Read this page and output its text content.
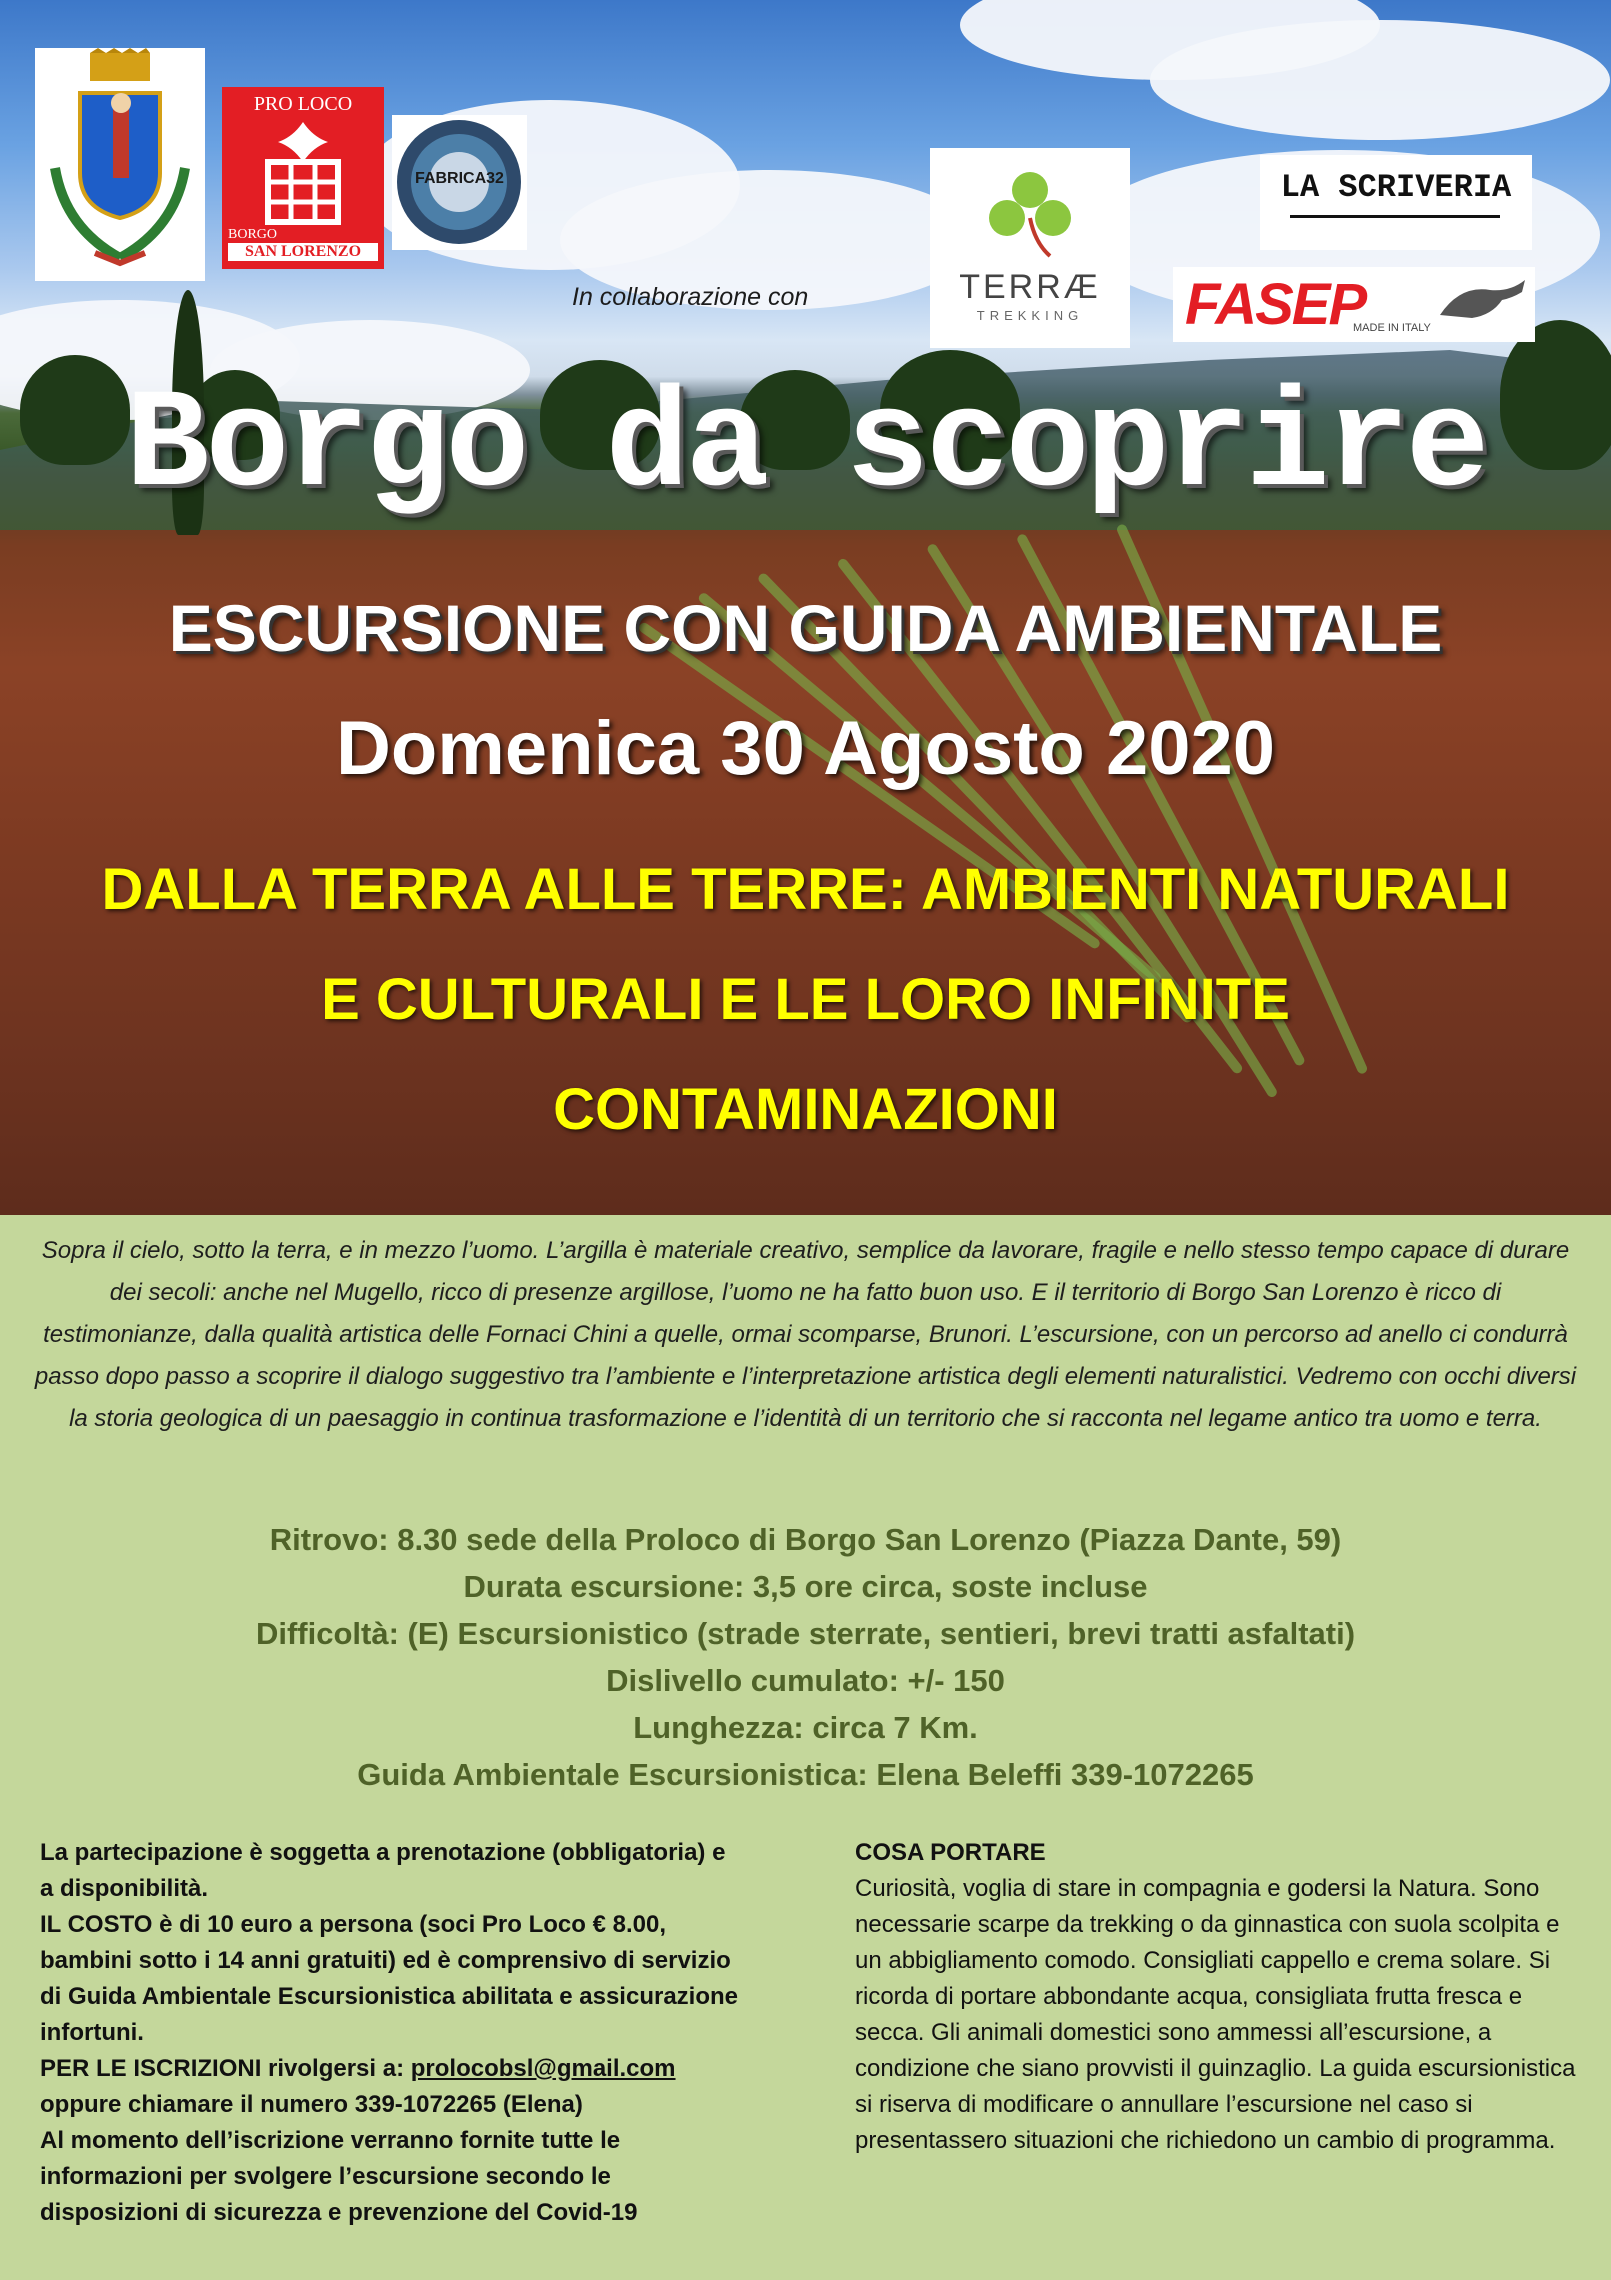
PRO LOCO
BORGO
SAN LORENZO
FABRICA32
In collaborazione con	TERRÆ
TREKKING
LA SCRIVERIA
FASEP
MADE IN ITALY
Borgo da scoprire
ESCURSIONE CON GUIDA AMBIENTALE
Domenica 30 Agosto 2020
DALLA TERRA ALLE TERRE: AMBIENTI NATURALI
E CULTURALI E LE LORO INFINITE
CONTAMINAZIONI
Sopra il cielo, sotto la terra, e in mezzo l’uomo. L’argilla è materiale creativo, semplice da lavorare, fragile e nello stesso tempo capace di durare dei secoli: anche nel Mugello, ricco di presenze argillose, l’uomo ne ha fatto buon uso. E il territorio di Borgo San Lorenzo è ricco di testimonianze, dalla qualità artistica delle Fornaci Chini a quelle, ormai scomparse, Brunori. L’escursione, con un percorso ad anello ci condurrà passo dopo passo a scoprire il dialogo suggestivo tra l’ambiente e l’interpretazione artistica degli elementi naturalistici. Vedremo con occhi diversi la storia geologica di un paesaggio in continua trasformazione e l’identità di un territorio che si racconta nel legame antico tra uomo e terra.
Ritrovo: 8.30 sede della Proloco di Borgo San Lorenzo (Piazza Dante, 59)
Durata escursione: 3,5 ore circa, soste incluse
Difficoltà: (E) Escursionistico (strade sterrate, sentieri, brevi tratti asfaltati)
Dislivello cumulato: +/- 150
Lunghezza: circa 7 Km.
Guida Ambientale Escursionistica: Elena Beleffi 339-1072265

La partecipazione è soggetta a prenotazione (obbligatoria) e a disponibilità.

IL COSTO è di 10 euro a persona (soci Pro Loco € 8.00, bambini sotto i 14 anni gratuiti) ed è comprensivo di servizio di Guida Ambientale Escursionistica abilitata e assicurazione infortuni.

PER LE ISCRIZIONI rivolgersi a: prolocobsl@gmail.com

oppure chiamare il numero 339-1072265 (Elena)

Al momento dell’iscrizione verranno fornite tutte le informazioni per svolgere l’escursione secondo le disposizioni di sicurezza e prevenzione del Covid-19

COSA PORTARE

Curiosità, voglia di stare in compagnia e godersi la Natura. Sono necessarie scarpe da trekking o da ginnastica con suola scolpita e un abbigliamento comodo. Consigliati cappello e crema solare. Si ricorda di portare abbondante acqua, consigliata frutta fresca e secca. Gli animali domestici sono ammessi all’escursione, a condizione che siano provvisti il guinzaglio. La guida escursionistica si riserva di modificare o annullare l’escursione nel caso si presentassero situazioni che richiedono un cambio di programma.
